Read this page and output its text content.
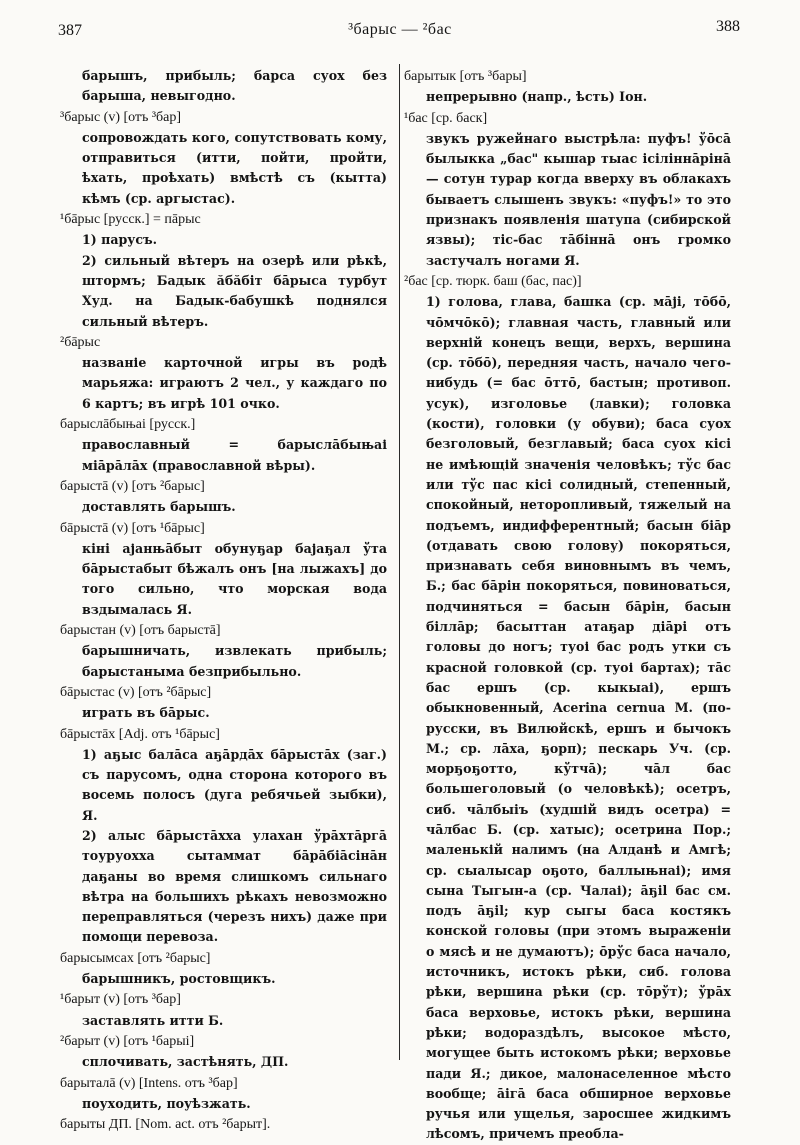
387	³барыс — ²бас	388

барышъ, прибыль; барса суох без барыша, невыгодно.

³барыс (v) [отъ ³бар]

сопровождать кого, сопутствовать кому, отправиться (итти, пойти, пройти, ѣхать, проѣхать) вмѣстѣ съ (кытта) кѣмъ (ср. аргыстас).

¹бāрыс [русск.] = пāрыс

1) парусъ.

2) сильный вѣтеръ на озерѣ или рѣкѣ, штормъ; Бадык ăбăбiт бāрыса турбут Худ. на Бадык-бабушкѣ поднялся сильный вѣтеръ.

²бāрыс

названіе карточной игры въ родѣ марьяжа: играютъ 2 чел., у каждаго по 6 картъ; въ игрѣ 101 очко.

барыслāбыњаі [русск.]

православный = барыслāбыњаі мiāрāлāх (православной вѣры).

барыстā (v) [отъ ²барыс]

доставлять барышъ.

бāрыстā (v) [отъ ¹бāрыс]

кiнi ајанњāбыт обунуҕар бајаҕал ўта бāрыстабыт бѣжалъ онъ [на лыжахъ] до того сильно, что морская вода вздымалась Я.

барыстан (v) [отъ барыстā]

барышничать, извлекать прибыль; барыстаныма безприбыльно.

бāрыстас (v) [отъ ²бāрыс]

играть въ бāрыс.

бāрыстāх [Adj. отъ ¹бāрыс]

1) аҕыс балāса аҕāрдāх бāрыстāх (заг.) съ парусомъ, одна сторона которого въ восемь полосъ (дуга ребячьей зыбки), Я.

2) алыс бāрыстāхха улахан ўрāхтāргā тоуруохха сытаммат бāрāбiāсiнāн даҕаны во время слишкомъ сильнаго вѣтра на большихъ рѣкахъ невозможно переправляться (черезъ нихъ) даже при помощи перевоза.

барысымсах [отъ ²барыс]

барышникъ, ростовщикъ.

¹барыт (v) [отъ ³бар]

заставлять итти Б.

²барыт (v) [отъ ¹барыі]

сплочивать, застѣнять, ДП.

барыталā (v) [Intens. отъ ³бар]

поуходить, поуѣзжать.

барыты ДП. [Nom. act. отъ ²барыт].

барытык [отъ ³бары]

непрерывно (напр., ѣсть) Іон.

¹бас [ср. баск]

звукъ ружейнаго выстрѣла: пуфъ! ўōсā былыкка „бас" кышар тыас iсiлiннāрiнā — сотун турар когда вверху въ облакахъ бываетъ слышенъ звукъ: «пуфъ!» то это признакъ появленія шатупа (сибирской язвы); тiс-бас тāбiннā онъ громко застучалъ ногами Я.

²бас [ср. тюрк. баш (бас, пас)]

1) голова, глава, башка (ср. мāјi, тōбō, чōмчōкō); главная часть, главный или верхній конецъ вещи, верхъ, вершина (ср. тōбō), передняя часть, начало чего-нибудь (= бас ōттō, бастын; противоп. усук), изголовье (лавки); головка (кости), головки (у обуви); баса суох безголовый, безглавый; баса суох кiсi не имѣющій значенія человѣкъ; тўс бас или тўс пас кiсi солидный, степенный, спокойный, неторопливый, тяжелый на подъемъ, индифферентный; басын бiāр (отдавать свою голову) покоряться, признавать себя виновнымъ въ чемъ, Б.; бас бāрiн покоряться, повиноваться, подчиняться = басын бāрiн, басын бiллāр; басыттан атаҕар дiāрi отъ головы до ногъ; туоі бас родъ утки съ красной головкой (ср. туоі бартах); тāс бас ершъ (ср. кыкыаі), ершъ обыкновенный, Acerina cernua М. (по-русски, въ Вилюйскѣ, ершъ и бычокъ М.; ср. лāха, ҕорп); пескарь Уч. (ср. морҕоҕотто, кўтчā); чāл бас большеголовый (о человѣкѣ); осетръ, сиб. чāлбыiъ (худшій видъ осетра) = чāлбас Б. (ср. хатыс); осетрина Пор.; маленькій налимъ (на Алданѣ и Амгѣ; ср. сыалысар оҕото, баллыњнаі); имя сына Тыгын-а (ср. Чалаі); āҕil бас см. подъ āҕil; кур сыгы баса костякъ конской головы (при этомъ выраженіи о мясѣ и не думаютъ); ōрўс баса начало, источникъ, истокъ рѣки, сиб. голова рѣки, вершина рѣки (ср. тōрўт); ўрāх баса верховье, истокъ рѣки, вершина рѣки; водораздѣлъ, высокое мѣсто, могущее быть истокомъ рѣки; верховье пади Я.; дикое, малонаселенное мѣсто вообще; āiгā баса обширное верховье ручья или ущелья, заросшее жидкимъ лѣсомъ, причемъ преобла-
